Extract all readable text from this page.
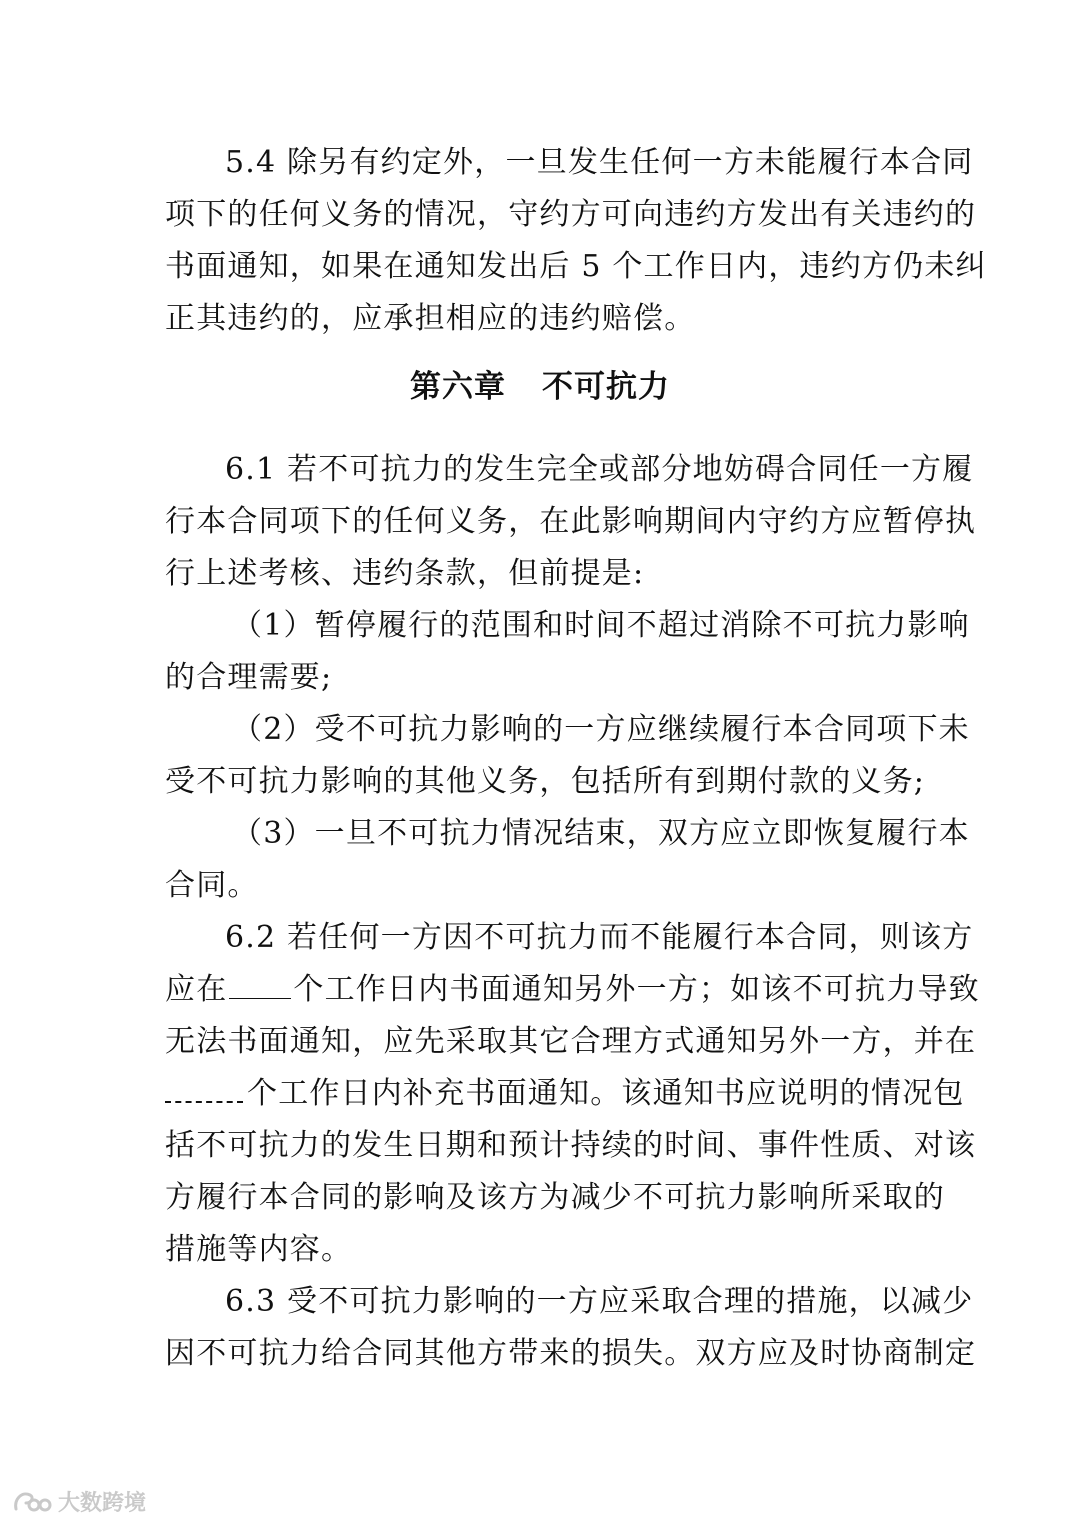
5.4 除另有约定外，一旦发生任何一方未能履行本合同
项下的任何义务的情况，守约方可向违约方发出有关违约的
书面通知，如果在通知发出后 5 个工作日内，违约方仍未纠
正其违约的，应承担相应的违约赔偿。
第六章 不可抗力
6.1 若不可抗力的发生完全或部分地妨碍合同任一方履
行本合同项下的任何义务，在此影响期间内守约方应暂停执
行上述考核、违约条款，但前提是:
（1）暂停履行的范围和时间不超过消除不可抗力影响
的合理需要;
（2）受不可抗力影响的一方应继续履行本合同项下未
受不可抗力影响的其他义务，包括所有到期付款的义务;
（3）一旦不可抗力情况结束，双方应立即恢复履行本
合同。
6.2 若任何一方因不可抗力而不能履行本合同，则该方
应在 个工作日内书面通知另外一方；如该不可抗力导致
无法书面通知，应先采取其它合理方式通知另外一方，并在
个工作日内补充书面通知。该通知书应说明的情况包
括不可抗力的发生日期和预计持续的时间、事件性质、对该
方履行本合同的影响及该方为减少不可抗力影响所采取的
措施等内容。
6.3 受不可抗力影响的一方应采取合理的措施，以减少
因不可抗力给合同其他方带来的损失。双方应及时协商制定
大数跨境
